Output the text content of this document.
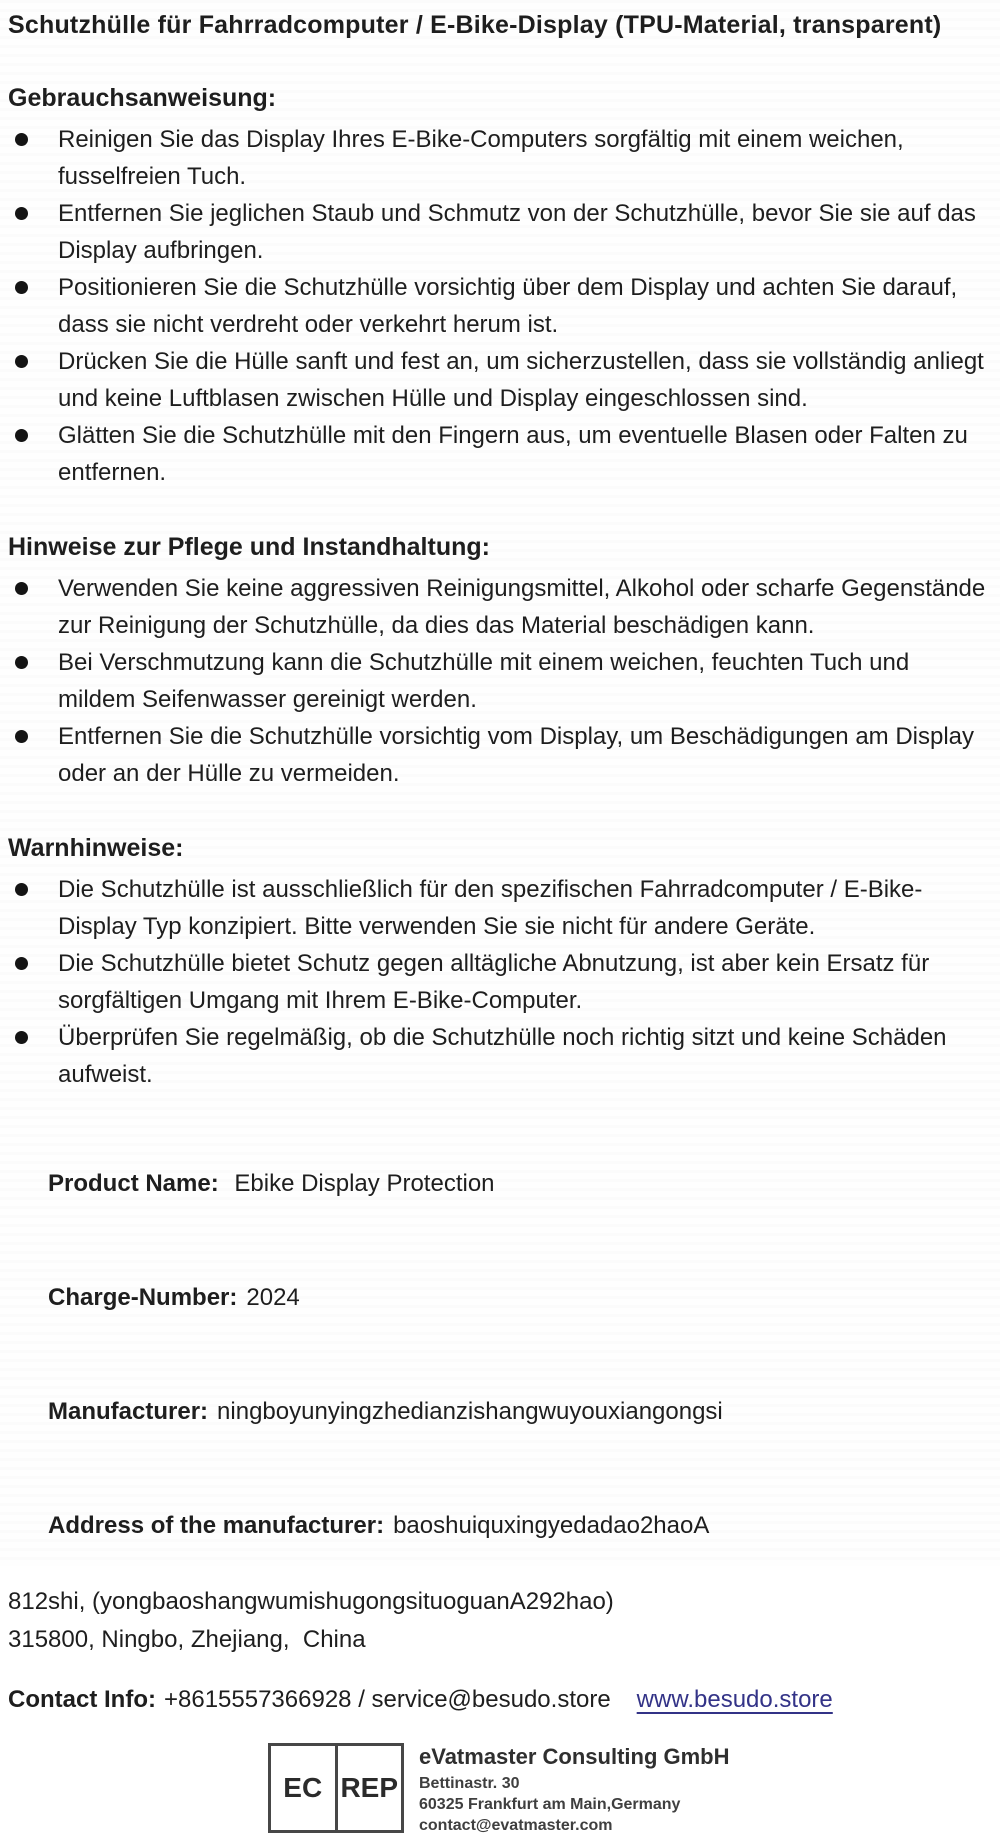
Schutzhülle für Fahrradcomputer / E-Bike-Display (TPU-Material, transparent)
Gebrauchsanweisung:

Reinigen Sie das Display Ihres E-Bike-Computers sorgfältig mit einem weichen, fusselfreien Tuch.

Entfernen Sie jeglichen Staub und Schmutz von der Schutzhülle, bevor Sie sie auf das Display aufbringen.

Positionieren Sie die Schutzhülle vorsichtig über dem Display und achten Sie darauf, dass sie nicht verdreht oder verkehrt herum ist.

Drücken Sie die Hülle sanft und fest an, um sicherzustellen, dass sie vollständig anliegt und keine Luftblasen zwischen Hülle und Display eingeschlossen sind.

Glätten Sie die Schutzhülle mit den Fingern aus, um eventuelle Blasen oder Falten zu entfernen.

Hinweise zur Pflege und Instandhaltung:

Verwenden Sie keine aggressiven Reinigungsmittel, Alkohol oder scharfe Gegenstände zur Reinigung der Schutzhülle, da dies das Material beschädigen kann.

Bei Verschmutzung kann die Schutzhülle mit einem weichen, feuchten Tuch und mildem Seifenwasser gereinigt werden.

Entfernen Sie die Schutzhülle vorsichtig vom Display, um Beschädigungen am Display oder an der Hülle zu vermeiden.

Warnhinweise:

Die Schutzhülle ist ausschließlich für den spezifischen Fahrradcomputer / E-Bike-Display Typ konzipiert. Bitte verwenden Sie sie nicht für andere Geräte.

Die Schutzhülle bietet Schutz gegen alltägliche Abnutzung, ist aber kein Ersatz für sorgfältigen Umgang mit Ihrem E-Bike-Computer.

Überprüfen Sie regelmäßig, ob die Schutzhülle noch richtig sitzt und keine Schäden aufweist.

Product Name: Ebike Display Protection

Charge-Number: 2024

Manufacturer: ningboyunyingzhedianzishangwuyouxiangongsi

Address of the manufacturer: baoshuiquxingyedadao2haoA

812shi, (yongbaoshangwumishugongsituoguanA292hao)

315800, Ningbo, Zhejiang,  China

Contact Info: +8615557366928 / service@besudo.store www.besudo.store

EC REP
eVatmaster Consulting GmbH
Bettinastr. 30
60325 Frankfurt am Main,Germany
contact@evatmaster.com
